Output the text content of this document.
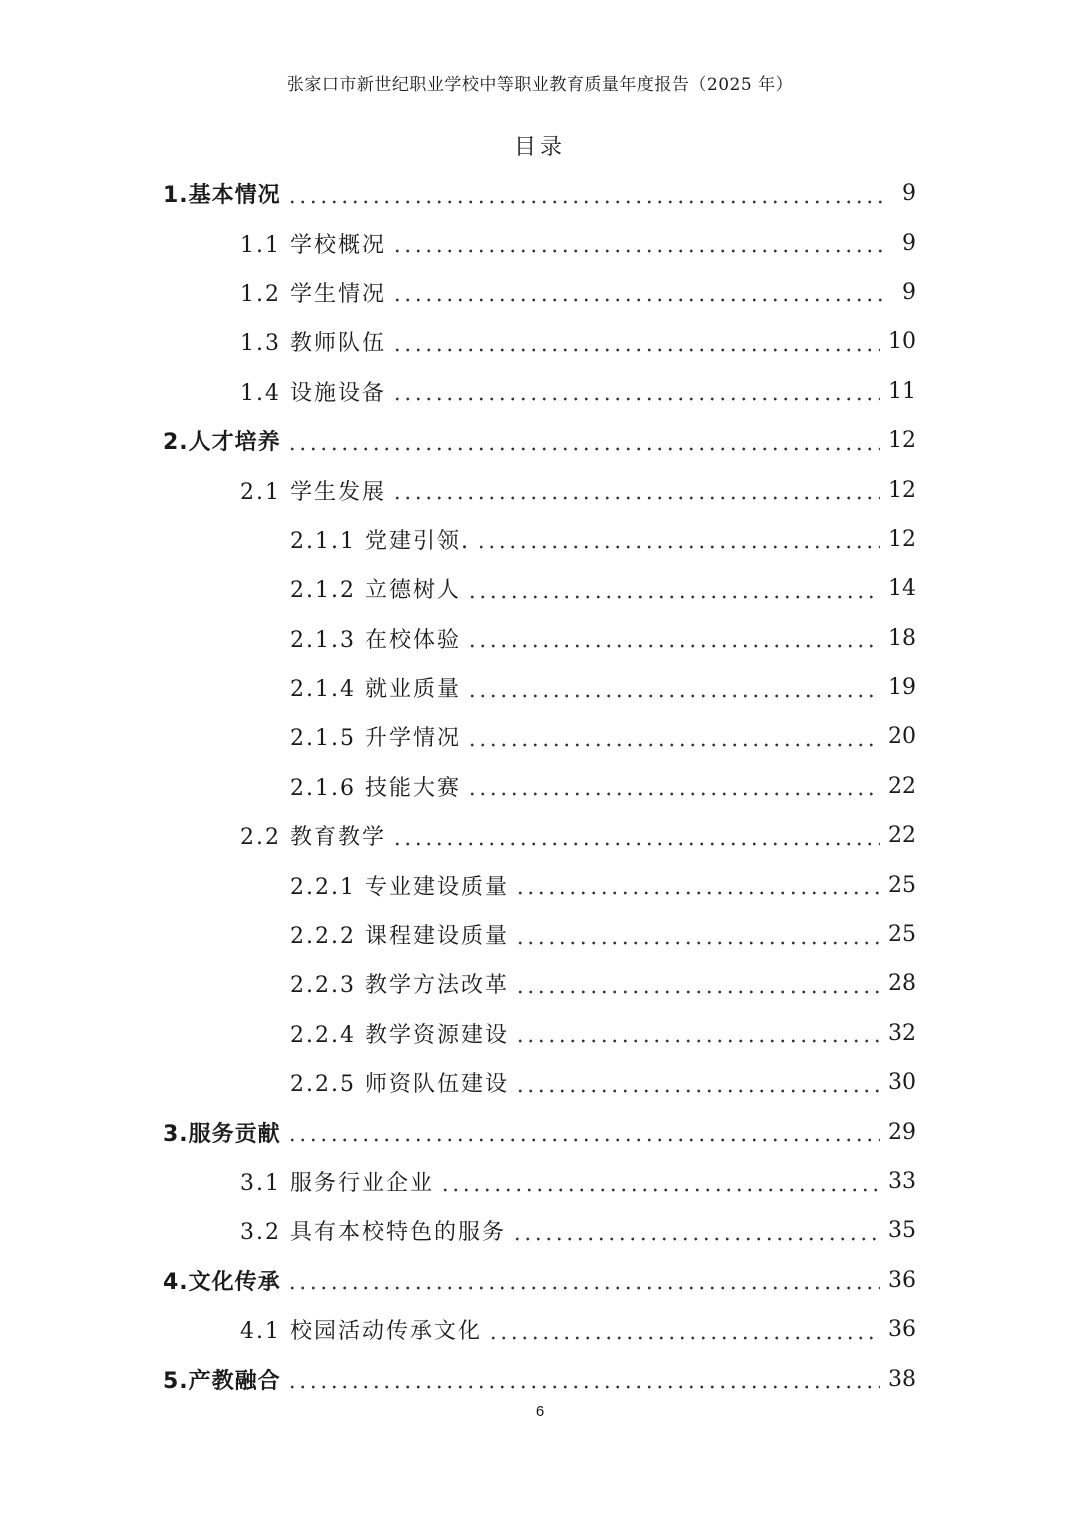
张家口市新世纪职业学校中等职业教育质量年度报告（2025 年）
目录
1.基本情况	9
1.1 学校概况	9
1.2 学生情况	9
1.3 教师队伍	10
1.4 设施设备	11
2.人才培养	12
2.1 学生发展	12
2.1.1 党建引领.	12
2.1.2 立德树人	14
2.1.3 在校体验	18
2.1.4 就业质量	19
2.1.5 升学情况	20
2.1.6 技能大赛	22
2.2 教育教学	22
2.2.1 专业建设质量	25
2.2.2 课程建设质量	25
2.2.3 教学方法改革	28
2.2.4 教学资源建设	32
2.2.5 师资队伍建设	30
3.服务贡献	29
3.1 服务行业企业	33
3.2 具有本校特色的服务	35
4.文化传承	36
4.1 校园活动传承文化	36
5.产教融合	38
6
